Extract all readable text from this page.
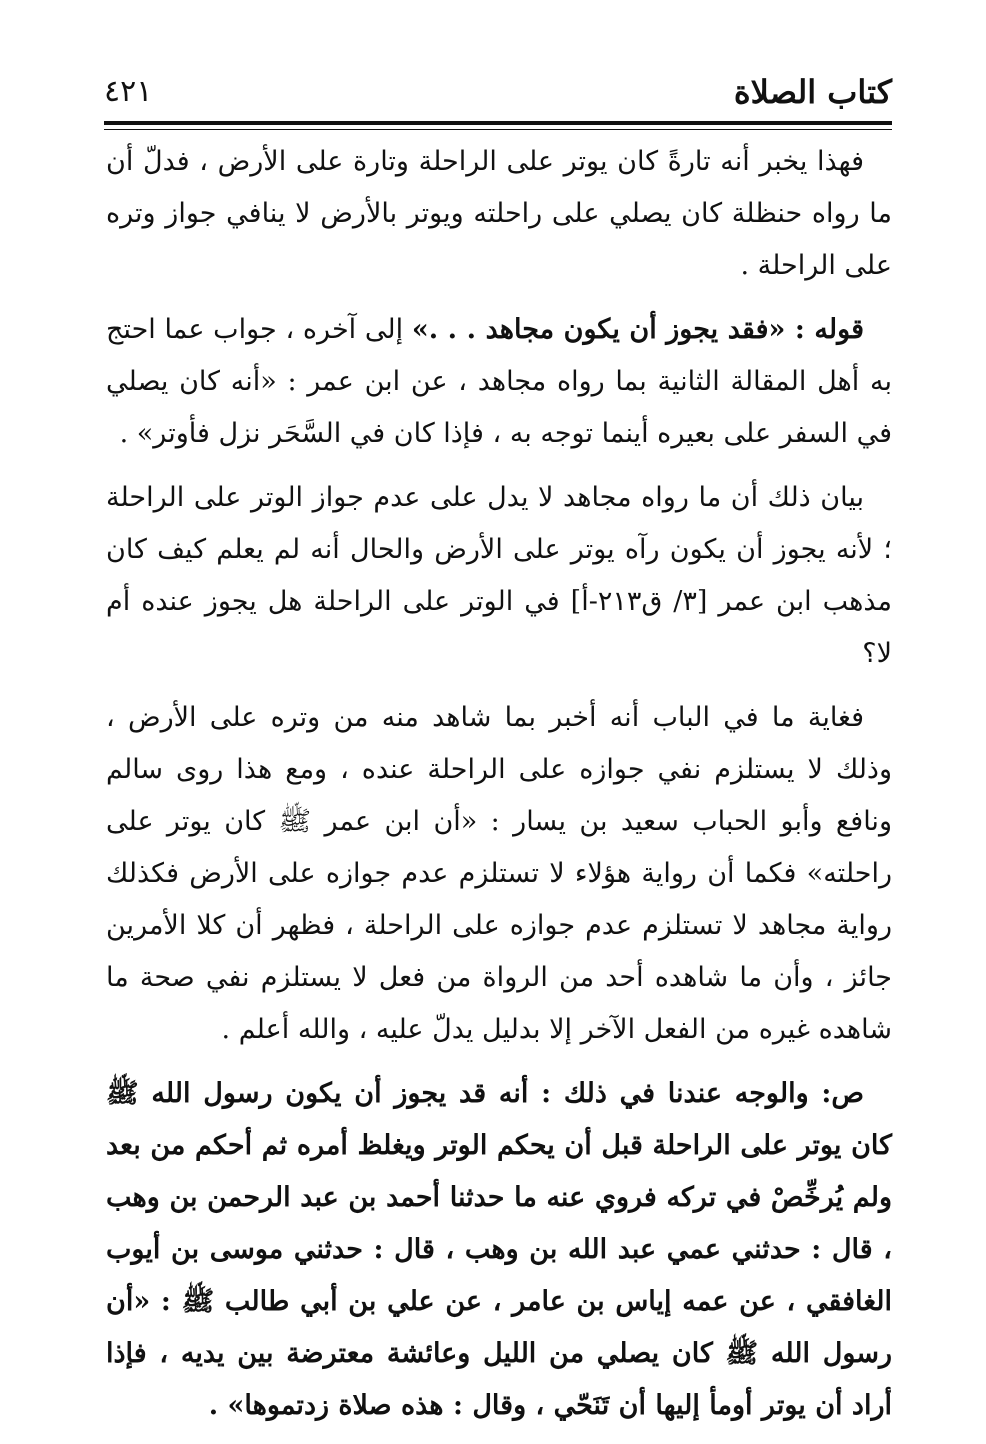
كتاب الصلاة
٤٢١

فهذا يخبر أنه تارةً كان يوتر على الراحلة وتارة على الأرض ، فدلّ أن ما رواه حنظلة كان يصلي على راحلته ويوتر بالأرض لا ينافي جواز وتره على الراحلة .

قوله : «فقد يجوز أن يكون مجاهد . . .» إلى آخره ، جواب عما احتج به أهل المقالة الثانية بما رواه مجاهد ، عن ابن عمر : «أنه كان يصلي في السفر على بعيره أينما توجه به ، فإذا كان في السَّحَر نزل فأوتر» .

بيان ذلك أن ما رواه مجاهد لا يدل على عدم جواز الوتر على الراحلة ؛ لأنه يجوز أن يكون رآه يوتر على الأرض والحال أنه لم يعلم كيف كان مذهب ابن عمر [٣/ ق٢١٣-أ] في الوتر على الراحلة هل يجوز عنده أم لا؟

فغاية ما في الباب أنه أخبر بما شاهد منه من وتره على الأرض ، وذلك لا يستلزم نفي جوازه على الراحلة عنده ، ومع هذا روى سالم ونافع وأبو الحباب سعيد بن يسار : «أن ابن عمر ﷺ كان يوتر على راحلته» فكما أن رواية هؤلاء لا تستلزم عدم جوازه على الأرض فكذلك رواية مجاهد لا تستلزم عدم جوازه على الراحلة ، فظهر أن كلا الأمرين جائز ، وأن ما شاهده أحد من الرواة من فعل لا يستلزم نفي صحة ما شاهده غيره من الفعل الآخر إلا بدليل يدلّ عليه ، والله أعلم .

ص: والوجه عندنا في ذلك : أنه قد يجوز أن يكون رسول الله ﷺ كان يوتر على الراحلة قبل أن يحكم الوتر ويغلظ أمره ثم أحكم من بعد ولم يُرخِّصْ في تركه فروي عنه ما حدثنا أحمد بن عبد الرحمن بن وهب ، قال : حدثني عمي عبد الله بن وهب ، قال : حدثني موسى بن أيوب الغافقي ، عن عمه إياس بن عامر ، عن علي بن أبي طالب ﷺ : «أن رسول الله ﷺ كان يصلي من الليل وعائشة معترضة بين يديه ، فإذا أراد أن يوتر أومأ إليها أن تَنَحّي ، وقال : هذه صلاة زدتموها» .
